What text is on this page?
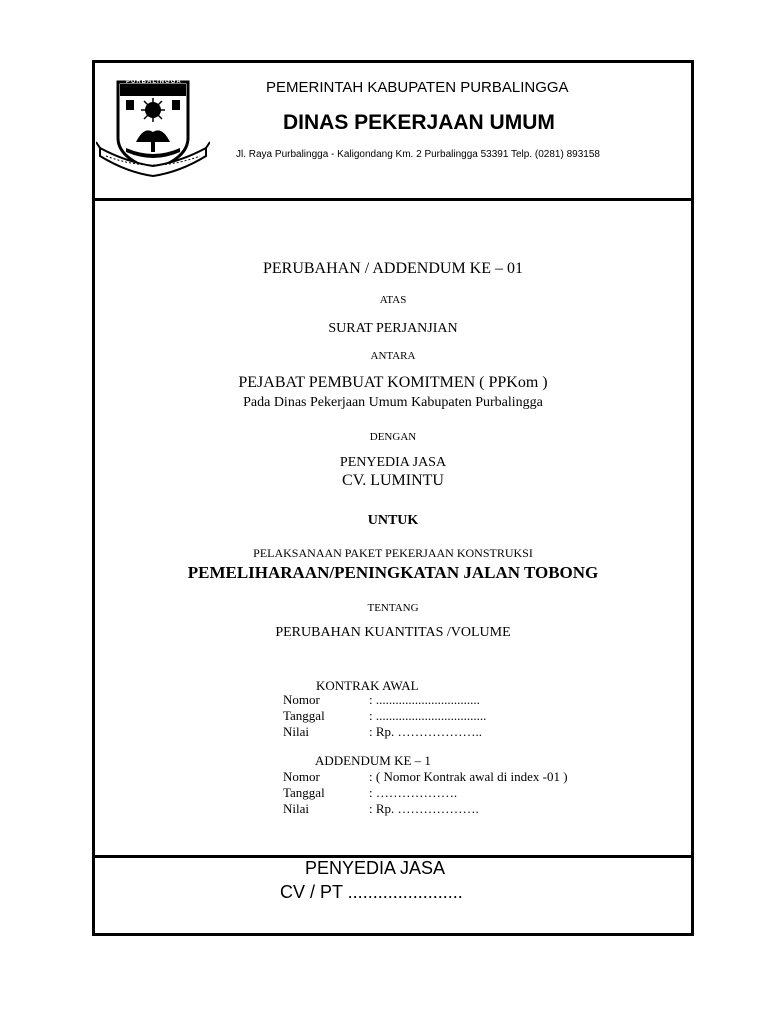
PURBALINGGA	PEMERINTAH KABUPATEN PURBALINGGA
DINAS PEKERJAAN UMUM
Jl. Raya Purbalingga - Kaligondang Km. 2 Purbalingga 53391 Telp. (0281) 893158
PERUBAHAN / ADDENDUM KE – 01
ATAS
SURAT PERJANJIAN
ANTARA
PEJABAT PEMBUAT KOMITMEN ( PPKom )
Pada Dinas Pekerjaan Umum Kabupaten Purbalingga
DENGAN
PENYEDIA JASA
CV. LUMINTU
UNTUK
PELAKSANAAN PAKET PEKERJAAN KONSTRUKSI
PEMELIHARAAN/PENINGKATAN JALAN TOBONG
TENTANG
PERUBAHAN KUANTITAS /VOLUME
KONTRAK AWAL
Nomor	: ................................
Tanggal	: ..................................
Nilai	: Rp. ………………..
ADDENDUM KE – 1
Nomor	: ( Nomor Kontrak awal di index -01 )
Tanggal	: ……………….
Nilai	: Rp. ……………….
PENYEDIA JASA
CV / PT .......................
